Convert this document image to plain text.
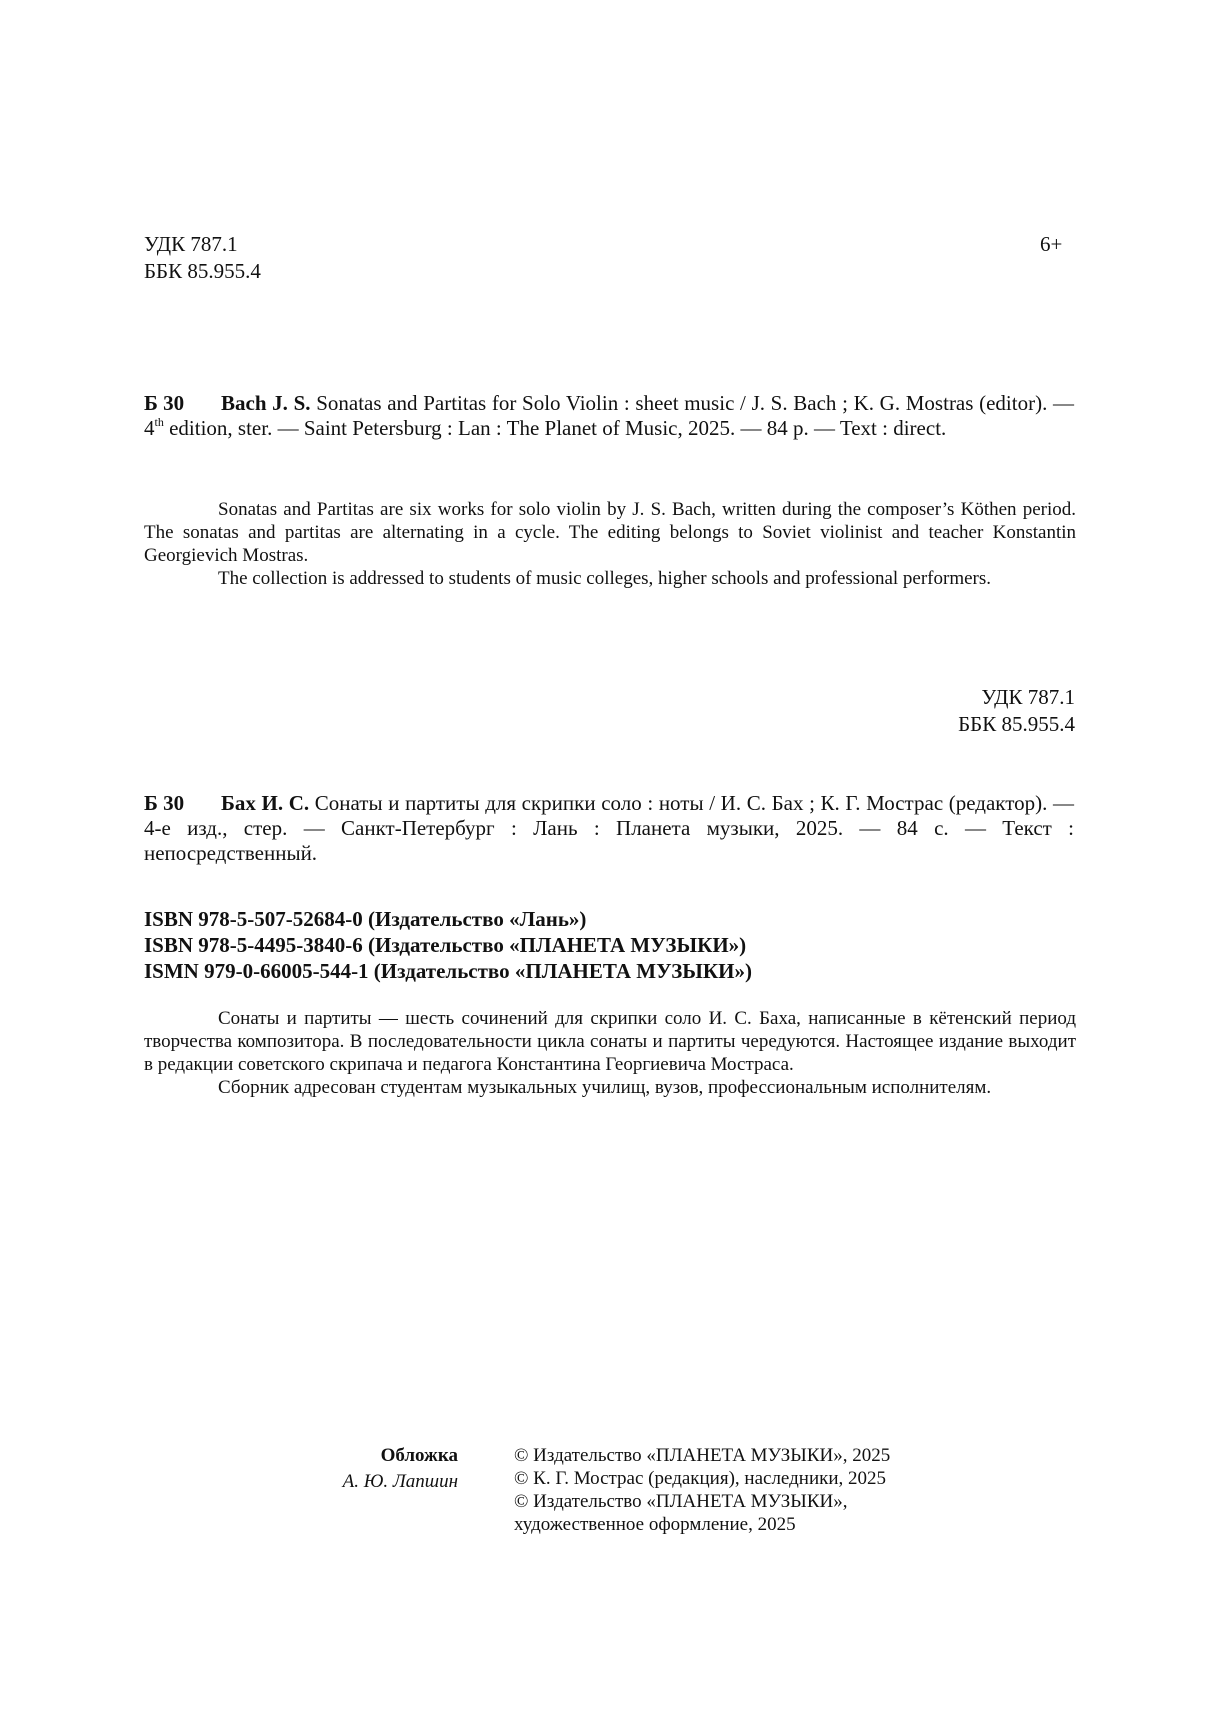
УДК 787.1
ББК 85.955.4
6+
Б 30 Bach J. S. Sonatas and Partitas for Solo Violin : sheet music / J. S. Bach ; K. G. Mostras (editor). — 4th edition, ster. — Saint Petersburg : Lan : The Planet of Music, 2025. — 84 p. — Text : direct.
Sonatas and Partitas are six works for solo violin by J. S. Bach, written during the composer’s Köthen period. The sonatas and partitas are alternating in a cycle. The editing belongs to Soviet violinist and teacher Konstantin Georgievich Mostras.
The collection is addressed to students of music colleges, higher schools and professional performers.
УДК 787.1
ББК 85.955.4
Б 30 Бах И. С. Сонаты и партиты для скрипки соло : ноты / И. С. Бах ; К. Г. Мострас (редактор). — 4-е изд., стер. — Санкт-Петербург : Лань : Планета музыки, 2025. — 84 с. — Текст : непосредственный.
ISBN 978-5-507-52684-0 (Издательство «Лань»)
ISBN 978-5-4495-3840-6 (Издательство «ПЛАНЕТА МУЗЫКИ»)
ISMN 979-0-66005-544-1 (Издательство «ПЛАНЕТА МУЗЫКИ»)
Сонаты и партиты — шесть сочинений для скрипки соло И. С. Баха, написанные в кётенский период творчества композитора. В последовательности цикла сонаты и партиты чередуются. Настоящее издание выходит в редакции советского скрипача и педагога Константина Георгиевича Мостраса.
Сборник адресован студентам музыкальных училищ, вузов, профессиональным исполнителям.
Обложка
А. Ю. Лапшин
© Издательство «ПЛАНЕТА МУЗЫКИ», 2025
© К. Г. Мострас (редакция), наследники, 2025
© Издательство «ПЛАНЕТА МУЗЫКИ»,
художественное оформление, 2025
